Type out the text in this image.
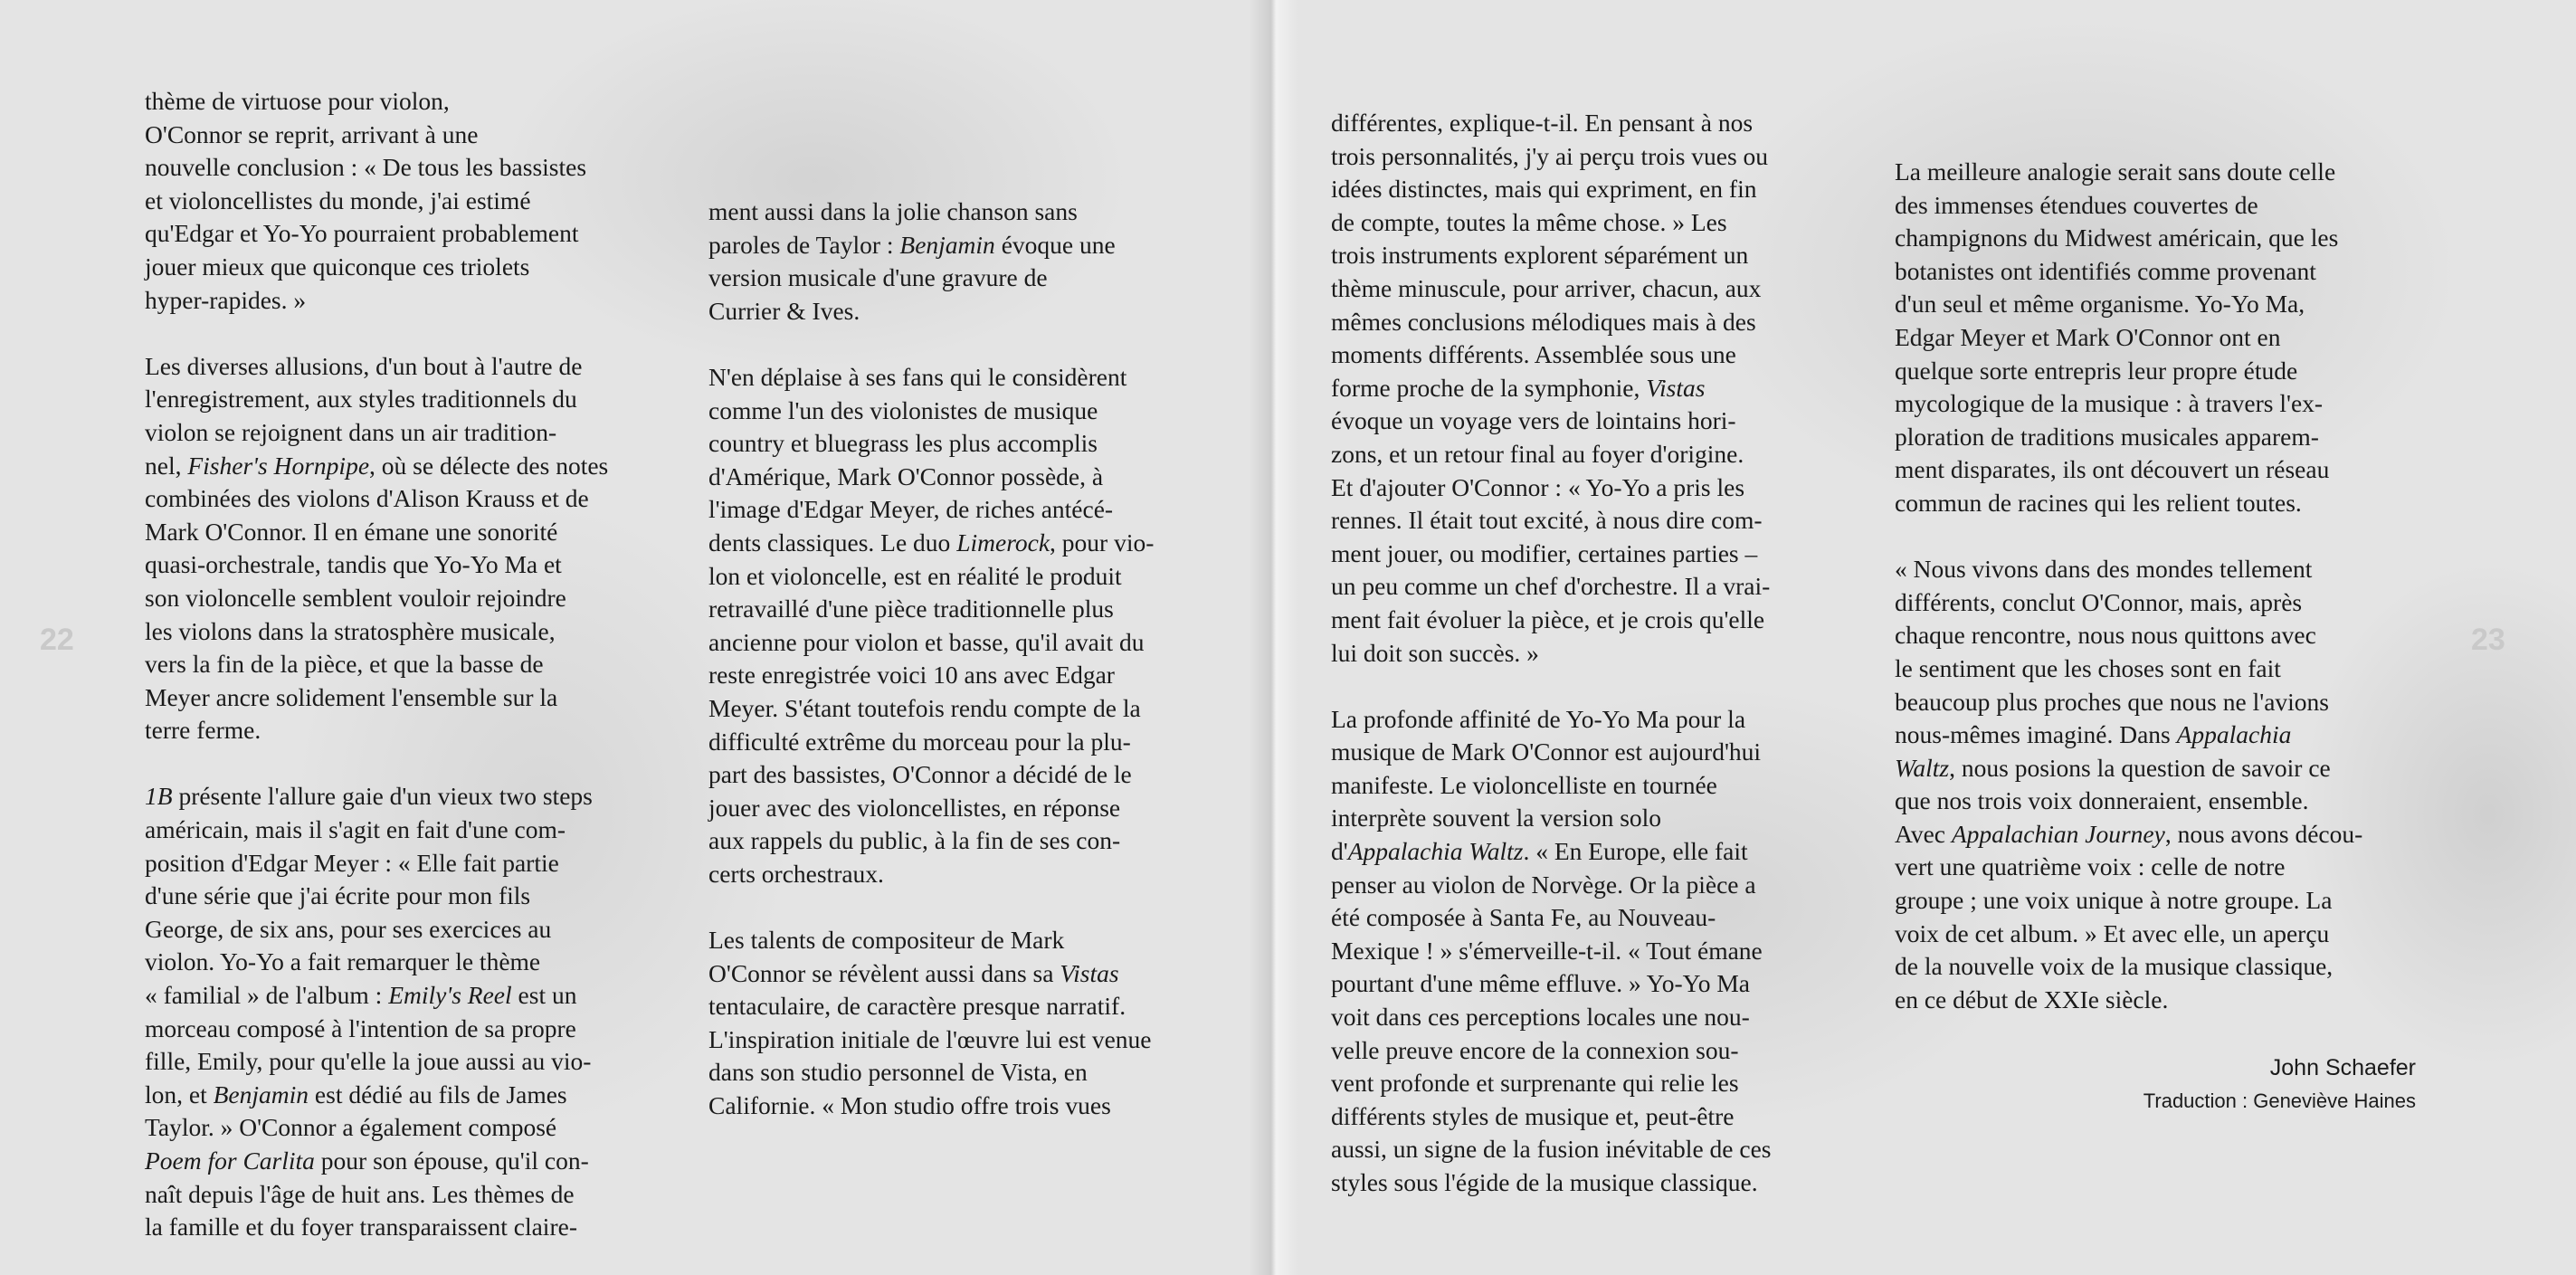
22	23
thème de virtuose pour violon,
O'Connor se reprit, arrivant à une
nouvelle conclusion : « De tous les bassistes
et violoncellistes du monde, j'ai estimé
qu'Edgar et Yo-Yo pourraient probablement
jouer mieux que quiconque ces triolets
hyper-rapides. »
Les diverses allusions, d'un bout à l'autre de
l'enregistrement, aux styles traditionnels du
violon se rejoignent dans un air tradition-
nel, Fisher's Hornpipe, où se délecte des notes
combinées des violons d'Alison Krauss et de
Mark O'Connor. Il en émane une sonorité
quasi-orchestrale, tandis que Yo-Yo Ma et
son violoncelle semblent vouloir rejoindre
les violons dans la stratosphère musicale,
vers la fin de la pièce, et que la basse de
Meyer ancre solidement l'ensemble sur la
terre ferme.
1B présente l'allure gaie d'un vieux two steps
américain, mais il s'agit en fait d'une com-
position d'Edgar Meyer : « Elle fait partie
d'une série que j'ai écrite pour mon fils
George, de six ans, pour ses exercices au
violon. Yo-Yo a fait remarquer le thème
« familial » de l'album : Emily's Reel est un
morceau composé à l'intention de sa propre
fille, Emily, pour qu'elle la joue aussi au vio-
lon, et Benjamin est dédié au fils de James
Taylor. » O'Connor a également composé
Poem for Carlita pour son épouse, qu'il con-
naît depuis l'âge de huit ans. Les thèmes de
la famille et du foyer transparaissent claire-
ment aussi dans la jolie chanson sans
paroles de Taylor : Benjamin évoque une
version musicale d'une gravure de
Currier & Ives.
N'en déplaise à ses fans qui le considèrent
comme l'un des violonistes de musique
country et bluegrass les plus accomplis
d'Amérique, Mark O'Connor possède, à
l'image d'Edgar Meyer, de riches antécé-
dents classiques. Le duo Limerock, pour vio-
lon et violoncelle, est en réalité le produit
retravaillé d'une pièce traditionnelle plus
ancienne pour violon et basse, qu'il avait du
reste enregistrée voici 10 ans avec Edgar
Meyer. S'étant toutefois rendu compte de la
difficulté extrême du morceau pour la plu-
part des bassistes, O'Connor a décidé de le
jouer avec des violoncellistes, en réponse
aux rappels du public, à la fin de ses con-
certs orchestraux.
Les talents de compositeur de Mark
O'Connor se révèlent aussi dans sa Vistas
tentaculaire, de caractère presque narratif.
L'inspiration initiale de l'œuvre lui est venue
dans son studio personnel de Vista, en
Californie. « Mon studio offre trois vues
différentes, explique-t-il. En pensant à nos
trois personnalités, j'y ai perçu trois vues ou
idées distinctes, mais qui expriment, en fin
de compte, toutes la même chose. » Les
trois instruments explorent séparément un
thème minuscule, pour arriver, chacun, aux
mêmes conclusions mélodiques mais à des
moments différents. Assemblée sous une
forme proche de la symphonie, Vistas
évoque un voyage vers de lointains hori-
zons, et un retour final au foyer d'origine.
Et d'ajouter O'Connor : « Yo-Yo a pris les
rennes. Il était tout excité, à nous dire com-
ment jouer, ou modifier, certaines parties –
un peu comme un chef d'orchestre. Il a vrai-
ment fait évoluer la pièce, et je crois qu'elle
lui doit son succès. »
La profonde affinité de Yo-Yo Ma pour la
musique de Mark O'Connor est aujourd'hui
manifeste. Le violoncelliste en tournée
interprète souvent la version solo
d'Appalachia Waltz. « En Europe, elle fait
penser au violon de Norvège. Or la pièce a
été composée à Santa Fe, au Nouveau-
Mexique ! » s'émerveille-t-il. « Tout émane
pourtant d'une même effluve. » Yo-Yo Ma
voit dans ces perceptions locales une nou-
velle preuve encore de la connexion sou-
vent profonde et surprenante qui relie les
différents styles de musique et, peut-être
aussi, un signe de la fusion inévitable de ces
styles sous l'égide de la musique classique.
La meilleure analogie serait sans doute celle
des immenses étendues couvertes de
champignons du Midwest américain, que les
botanistes ont identifiés comme provenant
d'un seul et même organisme. Yo-Yo Ma,
Edgar Meyer et Mark O'Connor ont en
quelque sorte entrepris leur propre étude
mycologique de la musique : à travers l'ex-
ploration de traditions musicales apparem-
ment disparates, ils ont découvert un réseau
commun de racines qui les relient toutes.
« Nous vivons dans des mondes tellement
différents, conclut O'Connor, mais, après
chaque rencontre, nous nous quittons avec
le sentiment que les choses sont en fait
beaucoup plus proches que nous ne l'avions
nous-mêmes imaginé. Dans Appalachia
Waltz, nous posions la question de savoir ce
que nos trois voix donneraient, ensemble.
Avec Appalachian Journey, nous avons décou-
vert une quatrième voix : celle de notre
groupe ; une voix unique à notre groupe. La
voix de cet album. » Et avec elle, un aperçu
de la nouvelle voix de la musique classique,
en ce début de XXIe siècle.
John Schaefer
Traduction : Geneviève Haines
